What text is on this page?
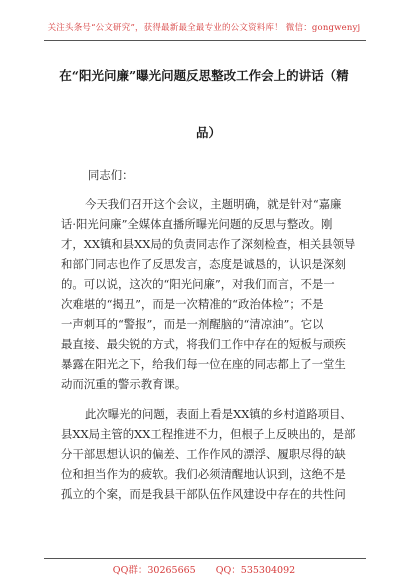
关注头条号“公文研究”，获得最新最全最专业的公文资料库！ 微信：gongwenyj
在“阳光问廉”曝光问题反思整改工作会上的讲话（精
品）
同志们：
今天我们召开这个会议，主题明确，就是针对“嘉廉
话·阳光问廉”全媒体直播所曝光问题的反思与整改。刚
才，XX镇和县XX局的负责同志作了深刻检查，相关县领导
和部门同志也作了反思发言，态度是诚恳的，认识是深刻
的。可以说，这次的“阳光问廉”，对我们而言，不是一
次难堪的“揭丑”，而是一次精准的“政治体检”；不是
一声刺耳的“警报”，而是一剂醒脑的“清凉油”。它以
最直接、最尖锐的方式，将我们工作中存在的短板与顽疾
暴露在阳光之下，给我们每一位在座的同志都上了一堂生
动而沉重的警示教育课。
此次曝光的问题，表面上看是XX镇的乡村道路项目、
县XX局主管的XX工程推进不力，但根子上反映出的，是部
分干部思想认识的偏差、工作作风的漂浮、履职尽得的缺
位和担当作为的疲软。我们必须清醒地认识到，这绝不是
孤立的个案，而是我县干部队伍作风建设中存在的共性问
QQ群：30265665 QQ：535304092
